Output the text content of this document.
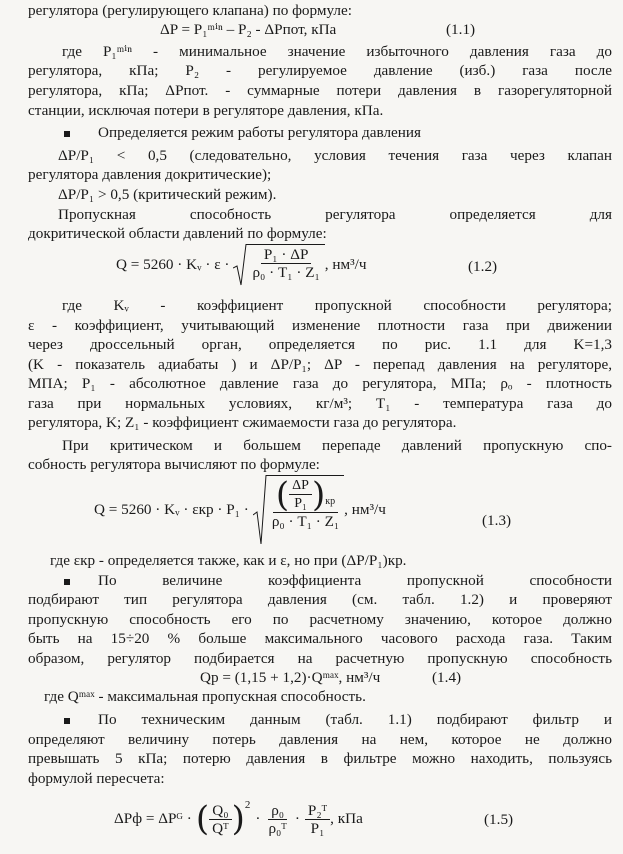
регулятора (регулирующего клапана) по формуле:
ΔP = P₁ᵐⁱⁿ – P₂ - ΔPпот, кПа	(1.1)
где P₁ᵐⁱⁿ - минимальное значение избыточного давления газа до
регулятора, кПа; P₂ - регулируемое давление (изб.) газа после
регулятора, кПа; ΔPпот. - суммарные потери давления в газорегуляторной
станции, исключая потери в регуляторе давления, кПа.
Определяется режим работы регулятора давления
ΔP/P₁ < 0,5 (следовательно, условия течения газа через клапан
регулятора давления докритические);
ΔP/P₁ > 0,5 (критический режим).
Пропускная способность регулятора определяется для
докритической области давлений по формуле:
Q = 5260 · Kᵥ · $\varepsilon \cdot \frac{\text{P₁ · ΔP}}{\text{ρ₀ · T₁ · Z₁}}$ , нм³/ч	(1.2)
где Kᵥ - коэффициент пропускной способности регулятора;
ε - коэффициент, учитывающий изменение плотности газа при движении
через дроссельный орган, определяется по рис. 1.1 для K=1,3
(K - показатель адиабаты ) и ΔP/P₁; ΔP - перепад давления на регуляторе,
МПА; P₁ - абсолютное давление газа до регулятора, МПа; ρₒ - плотность
газа при нормальных условиях, кг/м³; T₁ - температура газа до
регулятора, K; Z₁ - коэффициент сжимаемости газа до регулятора.
При критическом и большем перепаде давлений пропускную спо-
собность регулятора вычисляют по формуле:
Q = 5260 · Kᵥ · εкр · P₁ · ( $\frac{\Delta P}{\text{P₁}}$ ) кр
ρ₀ · T₁ · Z₁
, нм³/ч
(1.3)
где εкр - определяется также, как и ε, но при (ΔP/P₁)кр.
По величине коэффициента пропускной способности
подбирают тип регулятора давления (см. табл. 1.2) и проверяют
пропускную способность его по расчетному значению, которое должно
быть на 15÷20 % больше максимального часового расхода газа. Таким
образом, регулятор подбирается на расчетную пропускную способность
Qр = (1,15 + 1,2)·Qᵐᵃˣ, нм³/ч	(1.4)
где Qᵐᵃˣ - максимальная пропускная способность.
По техническим данным (табл. 1.1) подбирают фильтр и
определяют величину потерь давления на нем, которое не должно
превышать 5 кПа; потерю давления в фильтре можно находить, пользуясь
формулой пересчета:
ΔPф = ΔPᴳ · ( $\frac{\text{Q₀}}{\text{Qᵀ}}$ ) 2
· $\frac{\text{ρ₀}}{\text{ρ₀ᵀ}} \cdot \frac{\text{P₂ᵀ}}{\text{P₁}}$ , кПа	(1.5)
